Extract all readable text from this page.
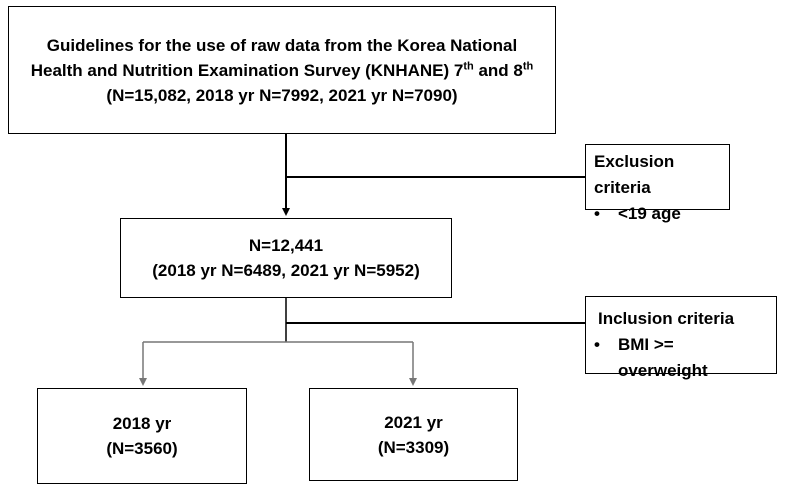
Guidelines for the use of raw data from the Korea National
Health and Nutrition Examination Survey (KNHANE) 7th and 8th
(N=15,082, 2018 yr N=7992, 2021 yr N=7090)
Exclusion criteria
•	<19 age
N=12,441
(2018 yr N=6489, 2021 yr N=5952)
Inclusion criteria
•	BMI >= overweight
2018 yr
(N=3560)
2021 yr
(N=3309)
